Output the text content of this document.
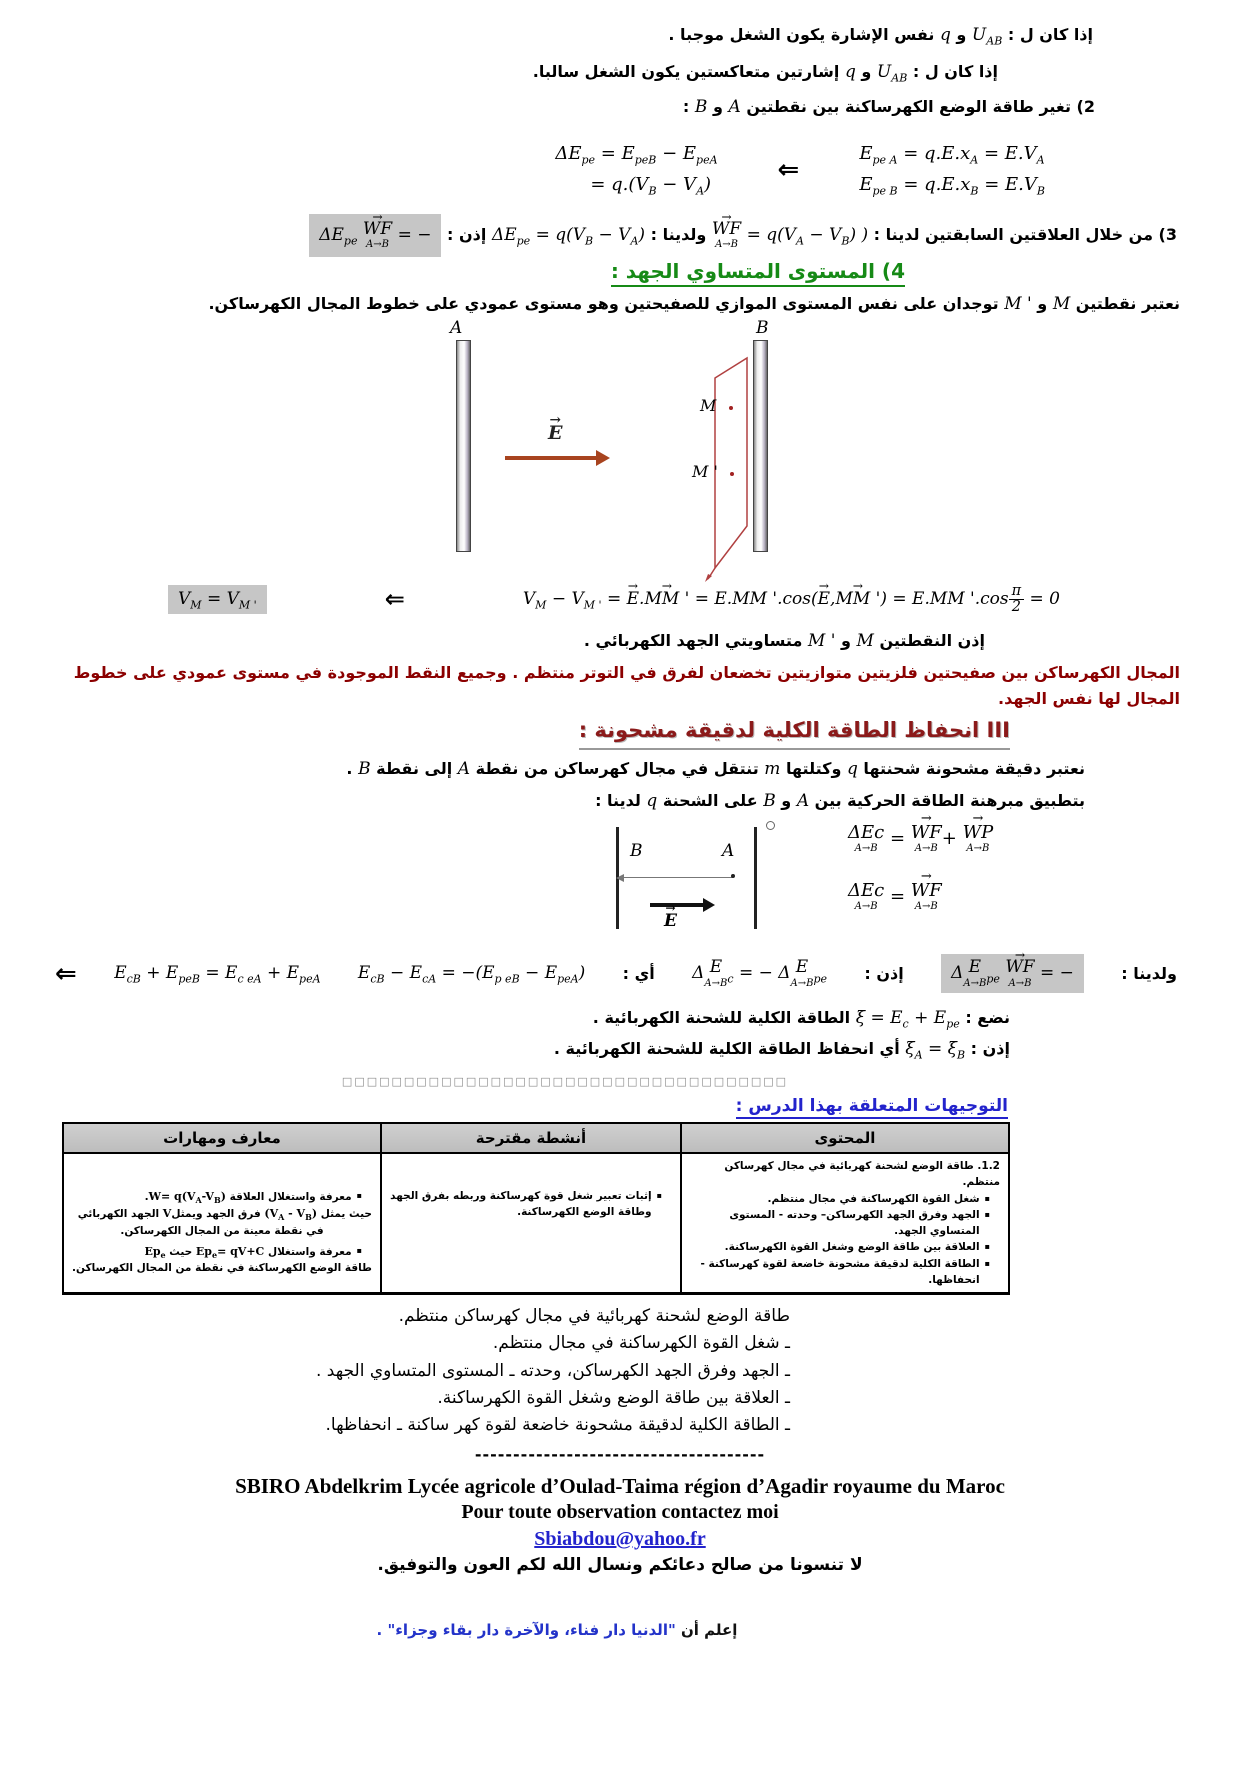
إذا كان ل : $U_{AB}$ و q نفس الإشارة يكون الشغل موجبا .

إذا كان ل : $U_{AB}$ و q إشارتين متعاكستين يكون الشغل سالبا.

2) تغير طاقة الوضع الكهرساكنة بين نقطتين A و B :

$E_{pe A} = q.E.x_A = E.V_A$
$E_{pe B} = q.E.x_B = E.V_B$
⇐
$\Delta E_{pe} = E_{peB} - E_{peA}$
= $q.(V_B - V_A)$

3) من خلال العلاقتين السابقتين لدينا :
→ WF
A→B
= $q(V_A - V_B)$ ) ولدينا : $\Delta E_{pe} = q(V_B - V_A)$ إذن : $\Delta E_{pe}$
→ WF
A→B
= −

4) المستوى المتساوي الجهد :

نعتبر نقطتين M و M ' توجدان على نفس المستوى الموازي للصفيحتين وهو مستوى عمودي على خطوط المجال الكهرساكن.

A	B
M
M '
→ E
$V_M - V_{M '}$ = → E.→ MM ' = E.MM '.cos(→ E,→ MM ') = E.MM '$.\cos \frac{\pi}{2} = 0$
⇐
$V_M = V_{M '}$

إذن النقطتين M و M ' متساويتي الجهد الكهربائي .

المجال الكهرساكن بين صفيحتين فلزيتين متوازيتين تخضعان لفرق في التوتر منتظم . وجميع النقط الموجودة في مستوى عمودي على خطوط المجال لها نفس الجهد.

III انحفاظ الطاقة الكلية لدقيقة مشحونة :

نعتبر دقيقة مشحونة شحنتها q وكتلتها m تنتقل في مجال كهرساكن من نقطة A إلى نقطة B .

بتطبيق مبرهنة الطاقة الحركية بين A و B على الشحنة q لدينا :

B	A
→ E
ΔEc
A→B
= → WF
A→B
+ → WP
A→B
ΔEc
A→B
= → WF
A→B
ولدينا :
Δ E
A→B $_{pe}$
→ WF
A→B
= −
إذن :
Δ E
A→B $_c$ = − Δ E
A→B $_{pe}$
أي :
$E_{cB} - E_{cA} = -(E_{p eB} - E_{peA})$
$E_{cB} + E_{peB} = E_{c eA} + E_{peA}$
⇐

نضع : $\xi = E_c + E_{pe}$ الطاقة الكلية للشحنة الكهربائية .

إذن : $\xi_A = \xi_B$ أي انحفاظ الطاقة الكلية للشحنة الكهربائية .

□□□□□□□□□□□□□□□□□□□□□□□□□□□□□□□□□□□□

التوجيهات المتعلقة بهذا الدرس :

المحتوى	أنشطة مقترحة	معارف ومهارات

1.2. طاقة الوضع لشحنة كهربائية في مجال كهرساكن منتظم.
▪
شغل القوة الكهرساكنة في مجال منتظم.
▪
الجهد وفرق الجهد الكهرساكن– وحدته - المستوى المتساوي الجهد.
▪
العلاقة بين طاقة الوضع وشغل القوة الكهرساكنة.
▪
الطاقة الكلية لدقيقة مشحونة خاضعة لقوة كهرساكنة - انحفاظها.

▪
إثبات تعبير شغل قوة كهرساكنة وربطه بفرق الجهد وطاقة الوضع الكهرساكنة.

▪
معرفة واستغلال العلاقة $W= q(V_A-V_B)$.
حيث يمثل $(V_A - V_B)$ فرق الجهد ويمثلV الجهد الكهربائي
في نقطة معينة من المجال الكهرساكن.
▪
معرفة واستغلال $Ep_e= qV+C$ حيث $Ep_e$
طاقة الوضع الكهرساكنة في نقطة من المجال الكهرساكن.

طاقة الوضع لشحنة كهربائية في مجال كهرساكن منتظم.

ـ شغل القوة الكهرساكنة في مجال منتظم.

ـ الجهد وفرق الجهد الكهرساكن، وحدته ـ المستوى المتساوي الجهد .

ـ العلاقة بين طاقة الوضع وشغل القوة الكهرساكنة.

ـ الطاقة الكلية لدقيقة مشحونة خاضعة لقوة كهر ساكنة ـ انحفاظها.

--------------------------------------

SBIRO Abdelkrim Lycée agricole d’Oulad-Taima région d’Agadir royaume du Maroc

Pour toute observation contactez moi

Sbiabdou@yahoo.fr

لا تنسونا من صالح دعائكم ونسال الله لكم العون والتوفيق.

إعلم أن "الدنيا دار فناء، والآخرة دار بقاء وجزاء" .
